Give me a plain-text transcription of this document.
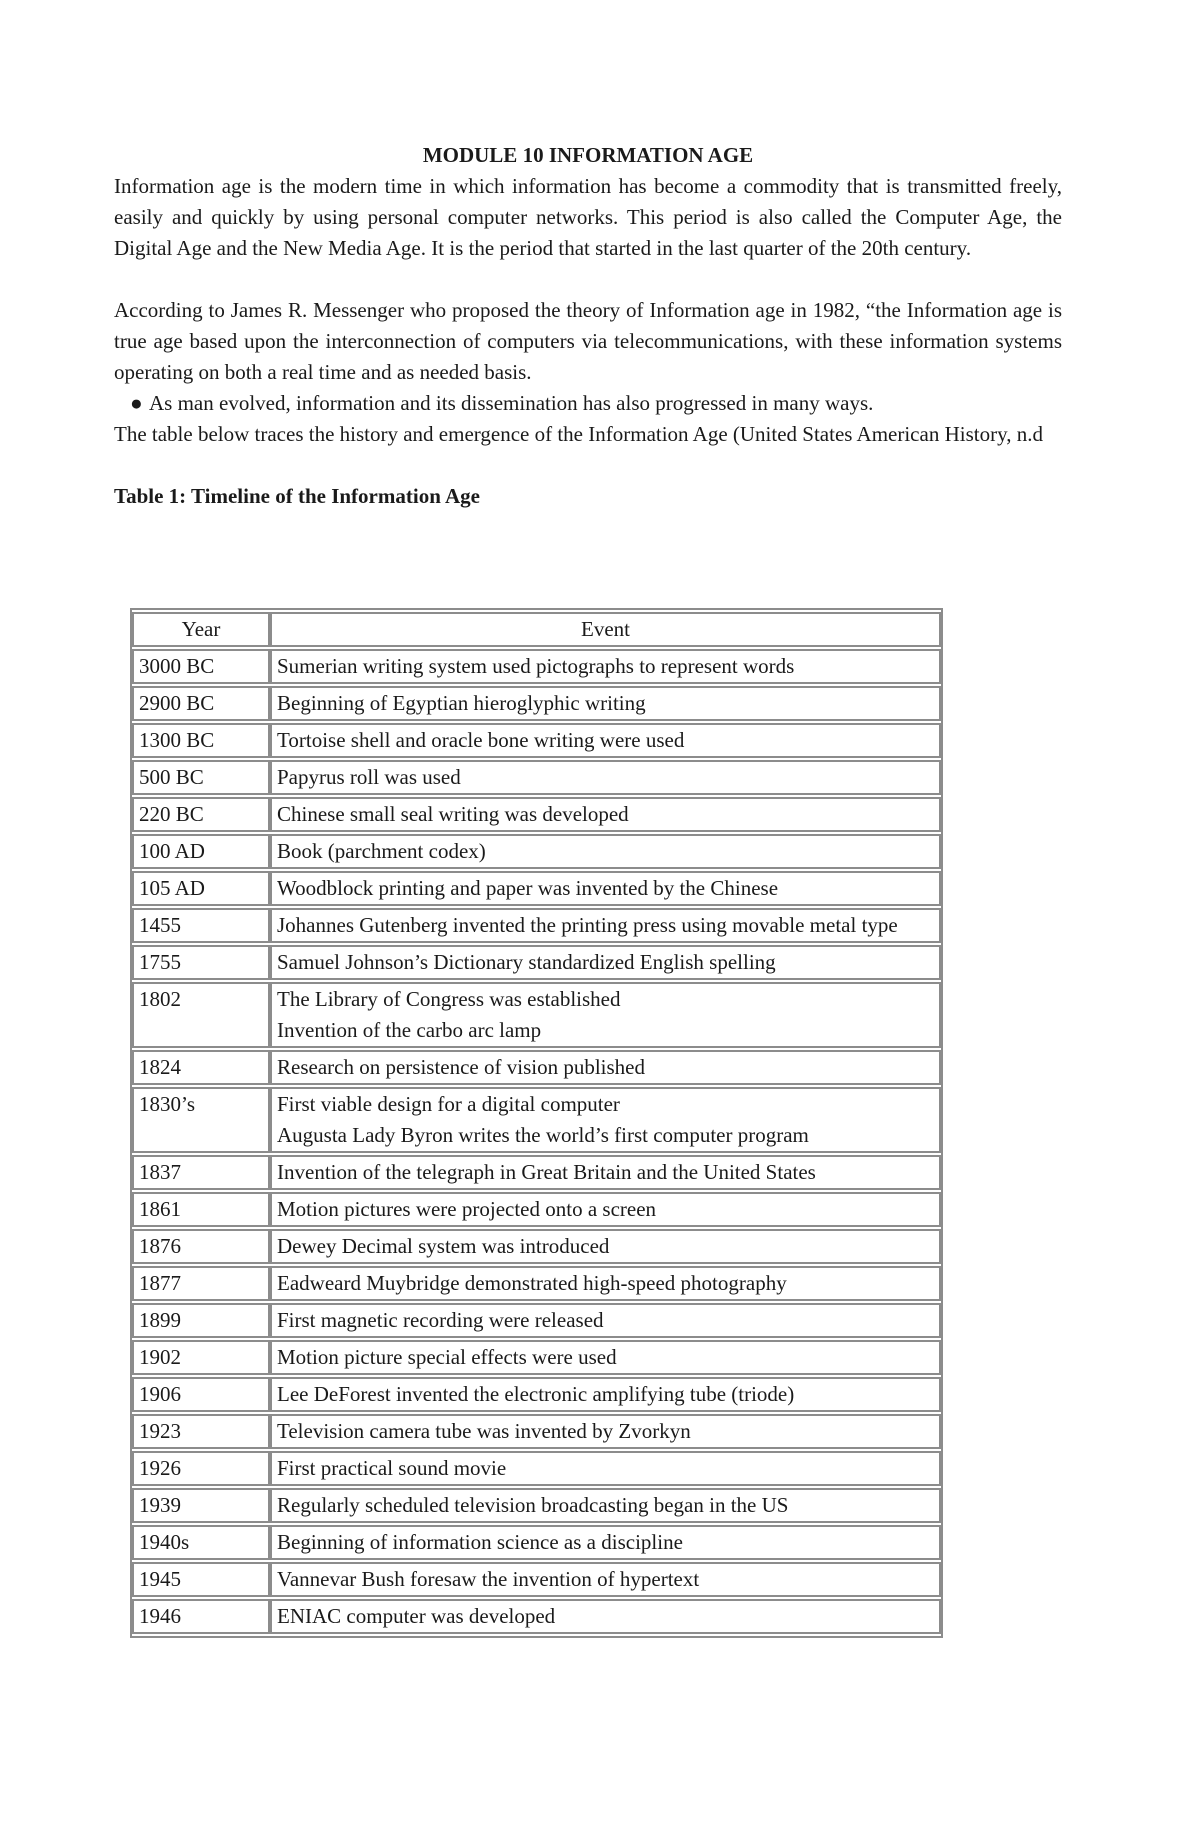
MODULE 10 INFORMATION AGE

Information age is the modern time in which information has become a commodity that is transmitted freely, easily and quickly by using personal computer networks. This period is also called the Computer Age, the Digital Age and the New Media Age. It is the period that started in the last quarter of the 20th century.

According to James R. Messenger who proposed the theory of Information age in 1982, “the Information age is true age based upon the interconnection of computers via telecommunications, with these information systems operating on both a real time and as needed basis.

● As man evolved, information and its dissemination has also progressed in many ways.

The table below traces the history and emergence of the Information Age (United States American History, n.d

Table 1: Timeline of the Information Age

Year	Event
3000 BC	Sumerian writing system used pictographs to represent words

2900 BC	Beginning of Egyptian hieroglyphic writing

1300 BC	Tortoise shell and oracle bone writing were used

500 BC	Papyrus roll was used

220 BC	Chinese small seal writing was developed

100 AD	Book (parchment codex)

105 AD	Woodblock printing and paper was invented by the Chinese

1455	Johannes Gutenberg invented the printing press using movable metal type

1755	Samuel Johnson’s Dictionary standardized English spelling

1802	The Library of Congress was established
Invention of the carbo arc lamp

1824	Research on persistence of vision published

1830’s	First viable design for a digital computer
Augusta Lady Byron writes the world’s first computer program

1837	Invention of the telegraph in Great Britain and the United States

1861	Motion pictures were projected onto a screen

1876	Dewey Decimal system was introduced

1877	Eadweard Muybridge demonstrated high-speed photography

1899	First magnetic recording were released

1902	Motion picture special effects were used

1906	Lee DeForest invented the electronic amplifying tube (triode)

1923	Television camera tube was invented by Zvorkyn

1926	First practical sound movie

1939	Regularly scheduled television broadcasting began in the US

1940s	Beginning of information science as a discipline

1945	Vannevar Bush foresaw the invention of hypertext

1946	ENIAC computer was developed
